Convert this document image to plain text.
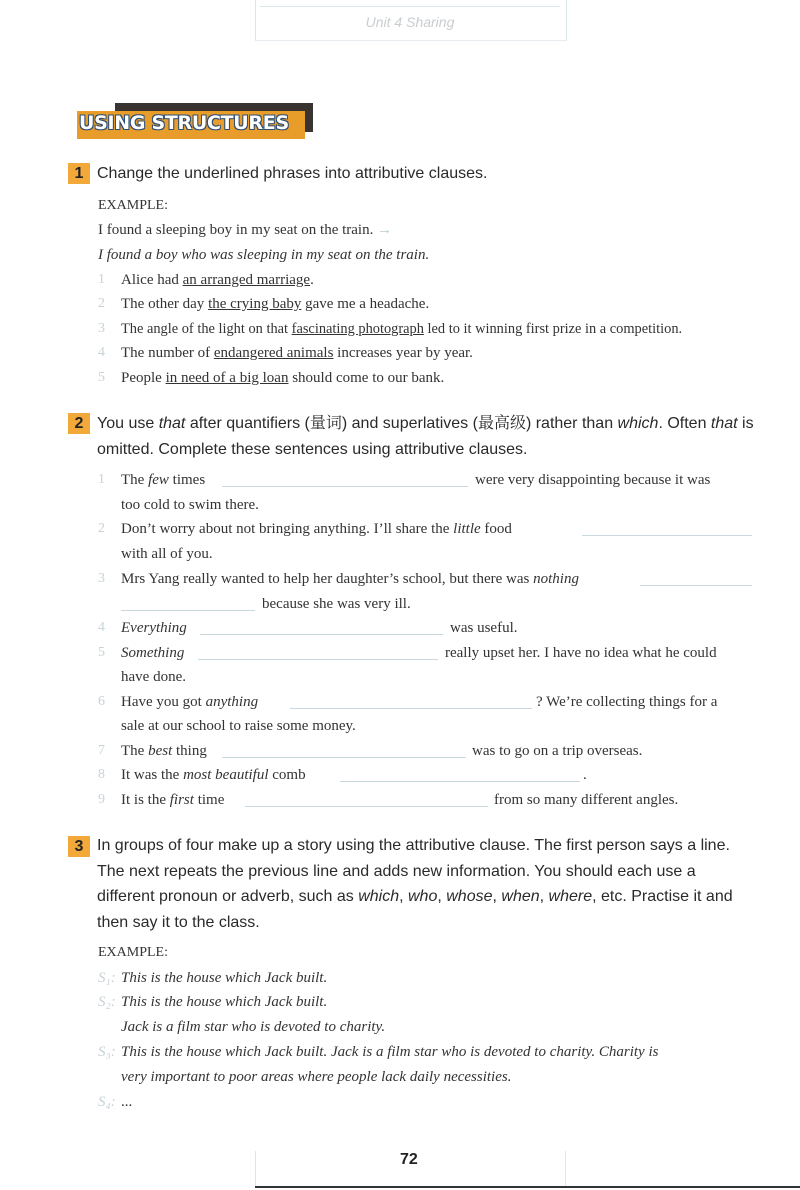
Unit 4 Sharing
USING STRUCTURES
1 Change the underlined phrases into attributive clauses.
EXAMPLE:
I found a sleeping boy in my seat on the train. →
I found a boy who was sleeping in my seat on the train.
1 Alice had an arranged marriage.
2 The other day the crying baby gave me a headache.
3 The angle of the light on that fascinating photograph led to it winning first prize in a competition.
4 The number of endangered animals increases year by year.
5 People in need of a big loan should come to our bank.
2 You use that after quantifiers (量词) and superlatives (最高级) rather than which. Often that is omitted. Complete these sentences using attributive clauses.
1 The few times	were very disappointing because it was
too cold to swim there.
2 Don’t worry about not bringing anything. I’ll share the little food
with all of you.
3 Mrs Yang really wanted to help her daughter’s school, but there was nothing
because she was very ill.
4 Everything	was useful.
5 Something	really upset her. I have no idea what he could
have done.
6 Have you got anything	? We’re collecting things for a
sale at our school to raise some money.
7 The best thing	was to go on a trip overseas.
8 It was the most beautiful comb	.
9 It is the first time	from so many different angles.
3 In groups of four make up a story using the attributive clause. The first person says a line. The next repeats the previous line and adds new information. You should each use a different pronoun or adverb, such as which, who, whose, when, where, etc. Practise it and then say it to the class.
EXAMPLE:
S₁: This is the house which Jack built.
S₂: This is the house which Jack built.
Jack is a film star who is devoted to charity.
S₃: This is the house which Jack built. Jack is a film star who is devoted to charity. Charity is
very important to poor areas where people lack daily necessities.
S₄: ...
72
